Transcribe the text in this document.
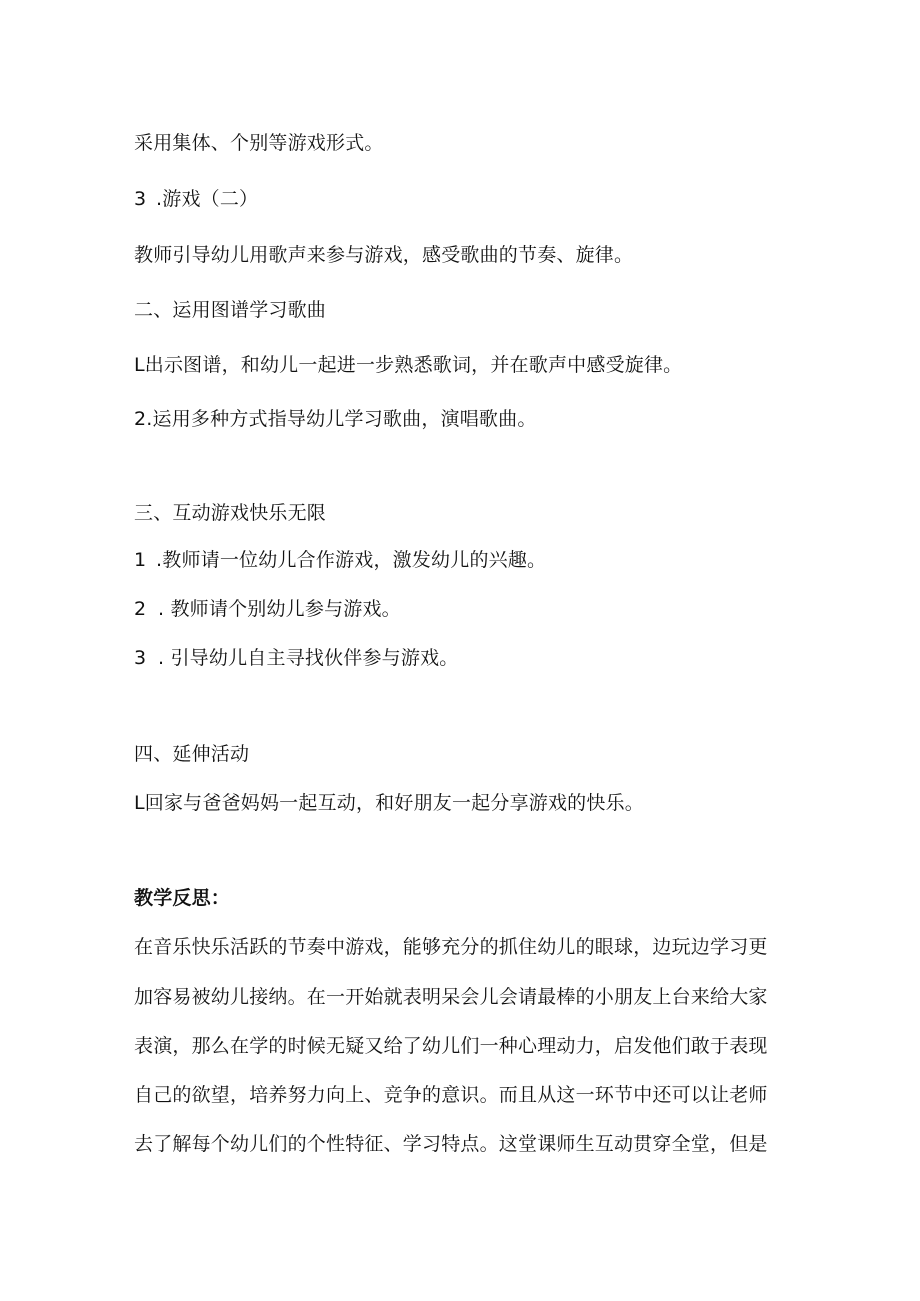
采用集体、个别等游戏形式。
3 .游戏（二）
教师引导幼儿用歌声来参与游戏，感受歌曲的节奏、旋律。
二、运用图谱学习歌曲
L出示图谱，和幼儿一起进一步熟悉歌词，并在歌声中感受旋律。
2.运用多种方式指导幼儿学习歌曲，演唱歌曲。
三、互动游戏快乐无限
1 .教师请一位幼儿合作游戏，激发幼儿的兴趣。
2 . 教师请个别幼儿参与游戏。
3 . 引导幼儿自主寻找伙伴参与游戏。
四、延伸活动
L回家与爸爸妈妈一起互动，和好朋友一起分享游戏的快乐。
教学反思：
在音乐快乐活跃的节奏中游戏，能够充分的抓住幼儿的眼球，边玩边学习更
加容易被幼儿接纳。在一开始就表明呆会儿会请最棒的小朋友上台来给大家
表演，那么在学的时候无疑又给了幼儿们一种心理动力，启发他们敢于表现
自己的欲望，培养努力向上、竞争的意识。而且从这一环节中还可以让老师
去了解每个幼儿们的个性特征、学习特点。这堂课师生互动贯穿全堂，但是
